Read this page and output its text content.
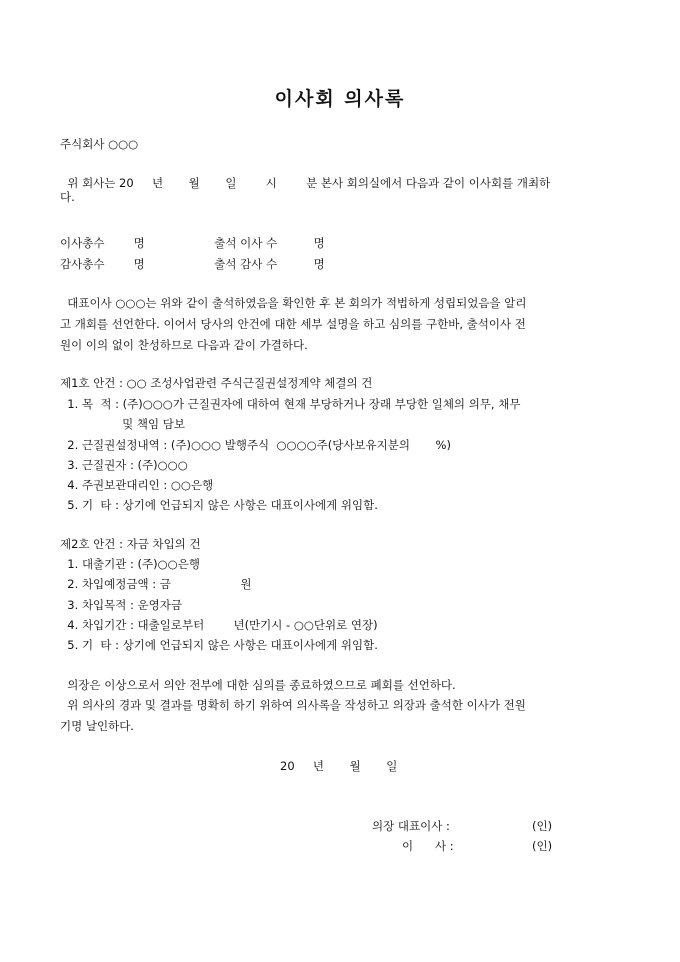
이사회 의사록
주식회사 ○○○
위 회사는 20     년       월       일        시        분 본사 회의실에서 다음과 같이 이사회를 개최하
다.
이사총수        명                   출석 이사 수          명
감사총수        명                   출석 감사 수          명
대표이사 ○○○는 위와 같이 출석하였음을 확인한 후 본 회의가 적법하게 성립되었음을 알리
고 개회를 선언한다. 이어서 당사의 안건에 대한 세부 설명을 하고 심의를 구한바, 출석이사 전
원이 이의 없이 찬성하므로 다음과 같이 가결하다.
제1호 안건 : ○○ 조성사업관련 주식근질권설정계약 체결의 건
1. 목  적 : (주)○○○가 근질권자에 대하여 현재 부당하거나 장래 부당한 일체의 의무, 채무
및 책임 담보
2. 근질권설정내역 : (주)○○○ 발행주식  ○○○○주(당사보유지분의       %)
3. 근질권자 : (주)○○○
4. 주권보관대리인 : ○○은행
5. 기  타 : 상기에 언급되지 않은 사항은 대표이사에게 위임함.
제2호 안건 : 자금 차입의 건
1. 대출기관 : (주)○○은행
2. 차입예정금액 : 금                   원
3. 차입목적 : 운영자금
4. 차입기간 : 대출일로부터        년(만기시 - ○○단위로 연장)
5. 기  타 : 상기에 언급되지 않은 사항은 대표이사에게 위임함.
의장은 이상으로서 의안 전부에 대한 심의를 종료하였으므로 폐회를 선언하다.
위 의사의 경과 및 결과를 명확히 하기 위하여 의사록을 작성하고 의장과 출석한 이사가 전원
기명 날인하다.
20     년       월       일
의장 대표이사 :	(인)
이      사 :	(인)
